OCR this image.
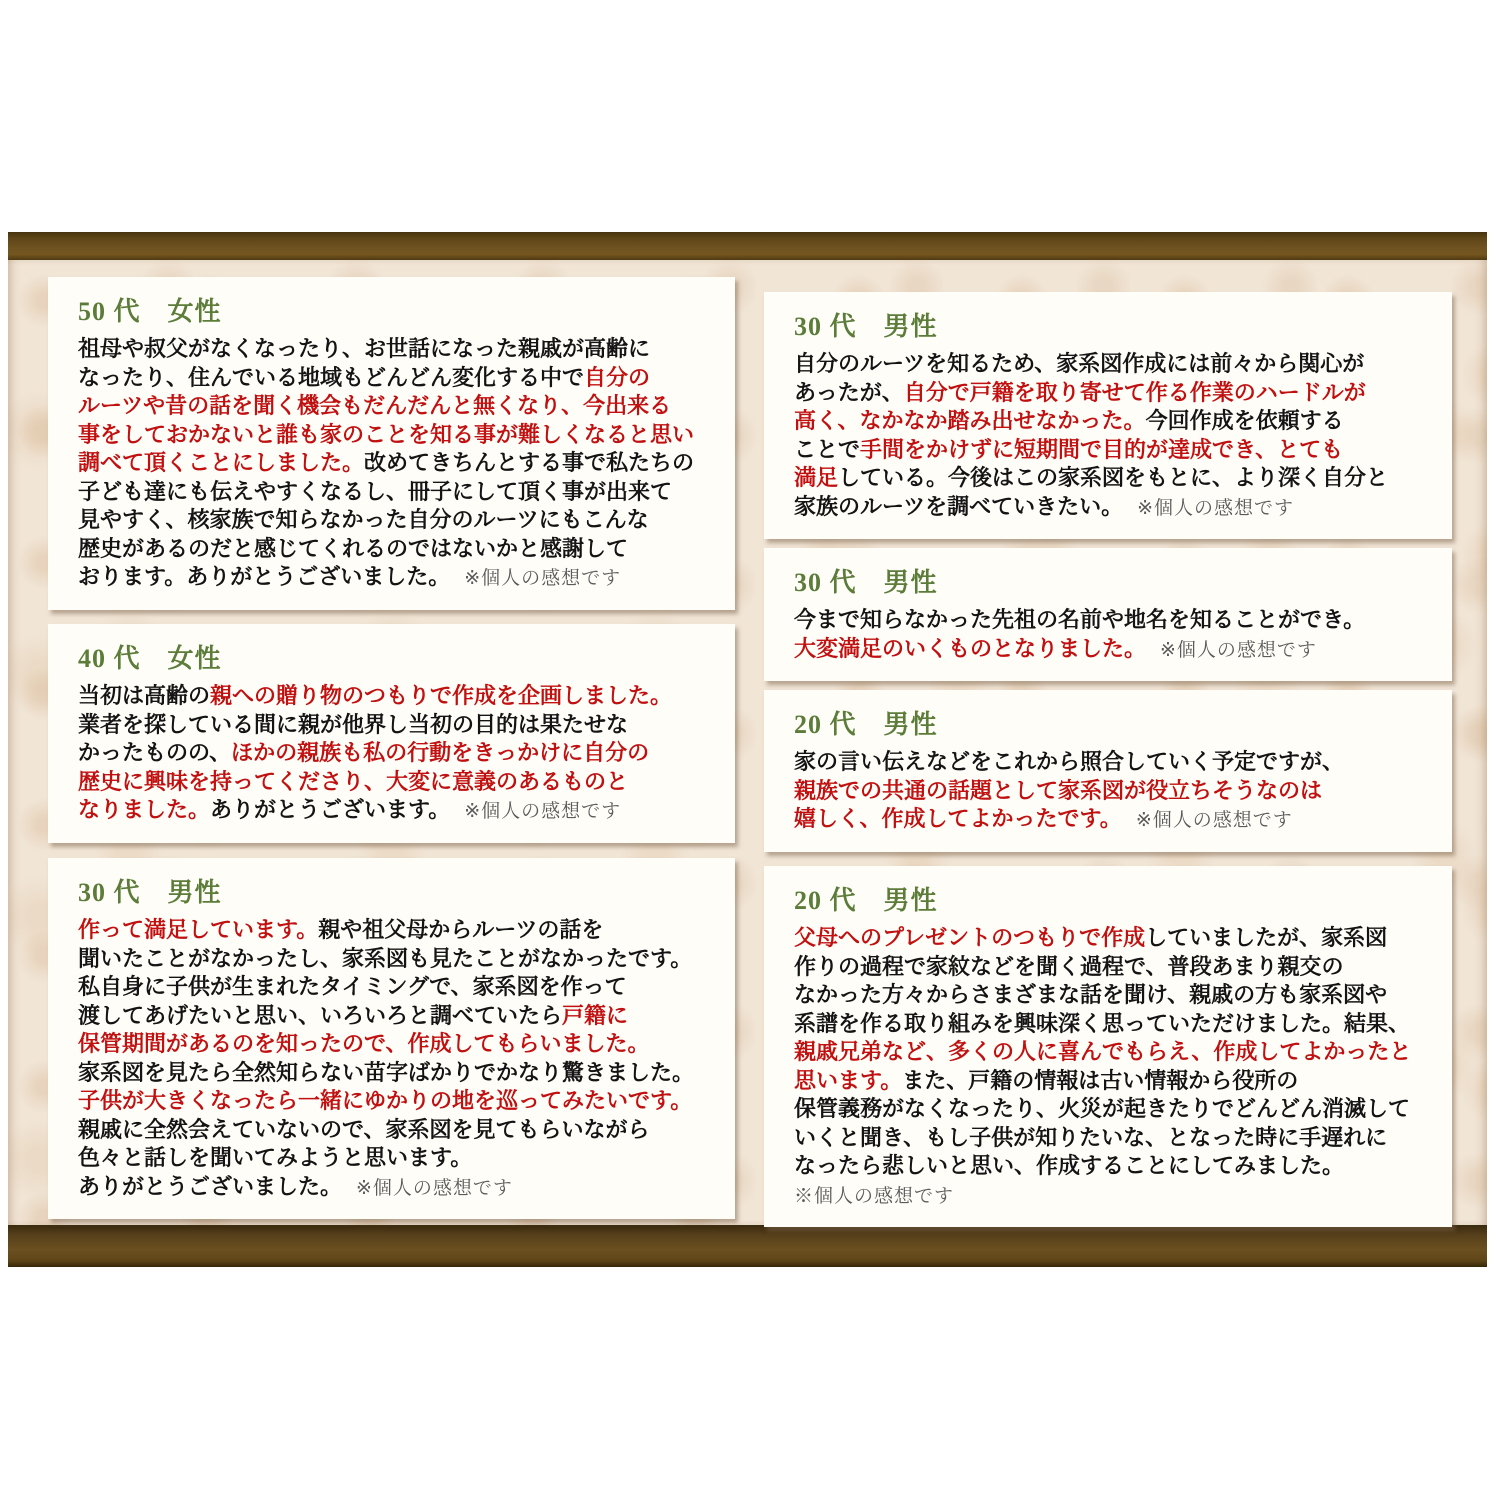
50 代　女性
祖母や叔父がなくなったり、お世話になった親戚が高齢に
なったり、住んでいる地域もどんどん変化する中で自分の
ルーツや昔の話を聞く機会もだんだんと無くなり、今出来る
事をしておかないと誰も家のことを知る事が難しくなると思い
調べて頂くことにしました。改めてきちんとする事で私たちの
子ども達にも伝えやすくなるし、冊子にして頂く事が出来て
見やすく、核家族で知らなかった自分のルーツにもこんな
歴史があるのだと感じてくれるのではないかと感謝して
おります。ありがとうございました。 ※個人の感想です
40 代　女性
当初は高齢の親への贈り物のつもりで作成を企画しました。
業者を探している間に親が他界し当初の目的は果たせな
かったものの、ほかの親族も私の行動をきっかけに自分の
歴史に興味を持ってくださり、大変に意義のあるものと
なりました。ありがとうございます。 ※個人の感想です
30 代　男性
作って満足しています。親や祖父母からルーツの話を
聞いたことがなかったし、家系図も見たことがなかったです。
私自身に子供が生まれたタイミングで、家系図を作って
渡してあげたいと思い、いろいろと調べていたら戸籍に
保管期間があるのを知ったので、作成してもらいました。
家系図を見たら全然知らない苗字ばかりでかなり驚きました。
子供が大きくなったら一緒にゆかりの地を巡ってみたいです。
親戚に全然会えていないので、家系図を見てもらいながら
色々と話しを聞いてみようと思います。
ありがとうございました。 ※個人の感想です
30 代　男性
自分のルーツを知るため、家系図作成には前々から関心が
あったが、自分で戸籍を取り寄せて作る作業のハードルが
高く、なかなか踏み出せなかった。今回作成を依頼する
ことで手間をかけずに短期間で目的が達成でき、とても
満足している。今後はこの家系図をもとに、より深く自分と
家族のルーツを調べていきたい。 ※個人の感想です
30 代　男性
今まで知らなかった先祖の名前や地名を知ることができ。
大変満足のいくものとなりました。 ※個人の感想です
20 代　男性
家の言い伝えなどをこれから照合していく予定ですが、
親族での共通の話題として家系図が役立ちそうなのは
嬉しく、作成してよかったです。 ※個人の感想です
20 代　男性
父母へのプレゼントのつもりで作成していましたが、家系図
作りの過程で家紋などを聞く過程で、普段あまり親交の
なかった方々からさまざまな話を聞け、親戚の方も家系図や
系譜を作る取り組みを興味深く思っていただけました。結果、
親戚兄弟など、多くの人に喜んでもらえ、作成してよかったと
思います。また、戸籍の情報は古い情報から役所の
保管義務がなくなったり、火災が起きたりでどんどん消滅して
いくと聞き、もし子供が知りたいな、となった時に手遅れに
なったら悲しいと思い、作成することにしてみました。
※個人の感想です
